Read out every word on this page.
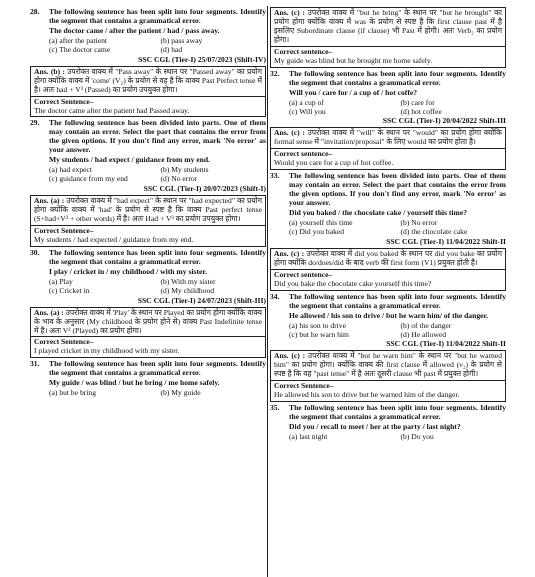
28.	The following sentence has been split into four segments. Identify the segment that contains a grammatical error.
The doctor came / after the patient / had / pass away.
(a) after the patient	(b) pass away
(c) The doctor came	(d) had
SSC CGL (Tier-I) 25/07/2023 (Shift-IV)
Ans. (b) : उपरोक्त वाक्य में "Pass away" के स्थान पर "Passed away" का प्रयोग होगा क्योंकि वाक्य में 'come' (V₂) के प्रयोग से वह है कि वाक्य Past Perfect tense में है। अतः had + V³ (Passed) का प्रयोग उपयुक्त होगा।
Correct Sentence–
The doctor came after the patient had Passed away.
29.	The following sentence has been divided into parts. One of them may contain an error. Select the part that contains the error from the given options. If you don't find any error, mark 'No error' as your answer.
My students / had expect / guidance from my end.
(a) had expect	(b) My students
(c) guidance from my end	(d) No error
SSC CGL (Tier-I) 20/07/2023 (Shift-I)
Ans. (a) : उपरोक्त वाक्य में "had expect" के स्थान पर "had expected" का प्रयोग होगा क्योंकि वाक्य में 'had' के प्रयोग से स्पष्ट है कि वाक्य Past perfect tense (S+had+V³ + other words) में है। अतः Had + V³ का प्रयोग उपयुक्त होगा।
Correct Sentence–
My students / had expected / guidance from my end.
30.	The following sentence has been split into four segments. Identify the segment that contains a grammatical error.
I play / cricket in / my childhood / with my sister.
(a) Play	(b) With my sister
(c) Cricket in	(d) My childhood
SSC CGL (Tier-I) 24/07/2023 (Shift-III)
Ans. (a) : उपरोक्त वाक्य में 'Play' के स्थान पर Played का प्रयोग होगा क्योंकि वाक्य के भाव के अनुसार (My childhood के प्रयोग होने से) वाक्य Past Indefinite tense में है। अतः V² (Played) का प्रयोग होगा।
Correct Sentence–
I played cricket in my childhood with my sister.
31.	The following sentence has been split into four segments. Identify the segment that contains a grammatical error.
My guide / was blind / but he bring / me home safely.
(a) but he bring	(b) My guide
Ans. (c) : उपरोक्त वाक्य में "but he bring" के स्थान पर "but he brought" का प्रयोग होगा क्योंकि वाक्य में was के प्रयोग से स्पष्ट है कि first clause past में है इसलिए Subordinate clause (if clause) भी Past में होगी। अतः Verb₂ का प्रयोग होगा।
Correct sentence–
My guide was blind but he brought me home safely.
32.	The following sentence has been split into four segments. Identify the segment that contains a grammatical error.
Will you / care for / a cup of / hot coffe?
(a) a cup of	(b) care for
(c) Will you	(d) hot coffee
SSC CGL (Tier-I) 20/04/2022 Shift-III
Ans. (c) : उपरोक्त वाक्य में "will" के स्थान पर "would" का प्रयोग होगा क्योंकि formal sense में "invitation/proposal" के लिए would का प्रयोग होता है।
Correct sentence–
Would you care for a cup of hot coffee.
33.	The following sentence has been divided into parts. One of them may contain an error. Select the part that contains the error from the given options. If you don't find any error, mark 'No error' as your answer.
Did you baked / the chocolate cake / yourself this time?
(a) yourself this time	(b) No error
(c) Did you baked	(d) the chocolate cake
SSC CGL (Tier-I) 11/04/2022 Shift-II
Ans. (c) : उपरोक्त वाक्य में did you baked के स्थान पर did you bake का प्रयोग होगा क्योंकि do/does/did के बाद verb की first form (V1) प्रयुक्त होती है।
Correct sentence–
Did you bake the chocolate cake yourself this time?
34.	The following sentence has been split into four segments. Identify the segment that contains a grammatical error.
He allowed / his son to drive / but he warn him/ of the danger.
(a) his son to drive	(b) of the danger
(c) but he warn him	(d) He allowed
SSC CGL (Tier-I) 11/04/2022 Shift-II
Ans. (c) : उपरोक्त वाक्य में "but he warn him" के स्थान पर "but he warned him" का प्रयोग होगा। क्योंकि वाक्य की first clause में allowed (v₂) के प्रयोग से स्पष्ट है कि वह "past tense" में है अतः दूसरी clause भी past में प्रयुक्त होगी।
Correct Sentence–
He allowed his son to drive but he warned him of the danger.
35.	The following sentence has been split into four segments. Identify the segment that contains a grammatical error.
Did you / recall to meet / her at the party / last night?
(a) last night	(b) Do you
